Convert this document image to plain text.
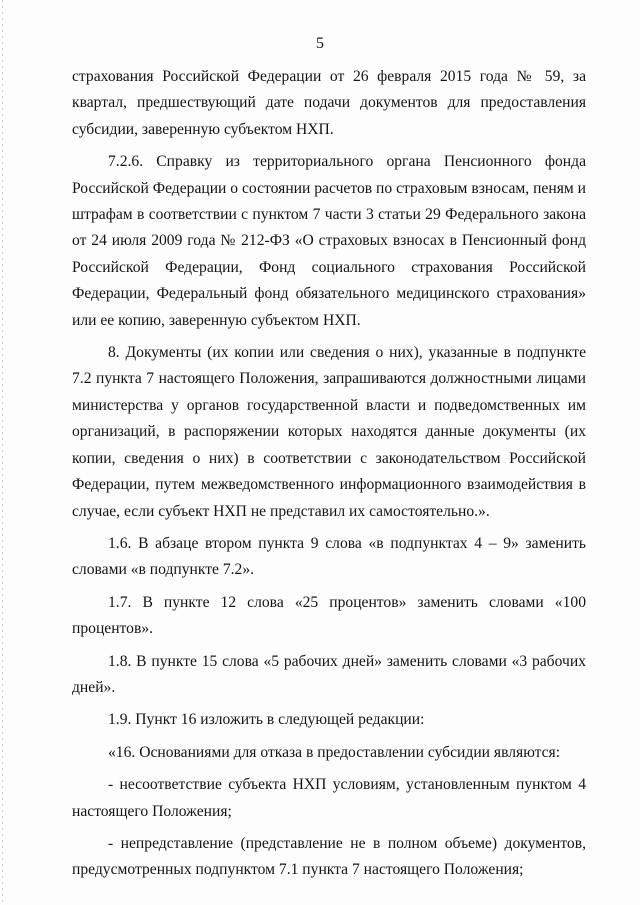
5

страхования Российской Федерации от 26 февраля 2015 года № 59, за квартал, предшествующий дате подачи документов для предоставления субсидии, заверенную субъектом НХП.

7.2.6. Справку из территориального органа Пенсионного фонда Российской Федерации о состоянии расчетов по страховым взносам, пеням и штрафам в соответствии с пунктом 7 части 3 статьи 29 Федерального закона от 24 июля 2009 года № 212-ФЗ «О страховых взносах в Пенсионный фонд Российской Федерации, Фонд социального страхования Российской Федерации, Федеральный фонд обязательного медицинского страхования» или ее копию, заверенную субъектом НХП.

8. Документы (их копии или сведения о них), указанные в подпункте 7.2 пункта 7 настоящего Положения, запрашиваются должностными лицами министерства у органов государственной власти и подведомственных им организаций, в распоряжении которых находятся данные документы (их копии, сведения о них) в соответствии с законодательством Российской Федерации, путем межведомственного информационного взаимодействия в случае, если субъект НХП не представил их самостоятельно.».

1.6. В абзаце втором пункта 9 слова «в подпунктах 4 – 9» заменить словами «в подпункте 7.2».

1.7. В пункте 12 слова «25 процентов» заменить словами «100 процентов».

1.8. В пункте 15 слова «5 рабочих дней» заменить словами «3 рабочих дней».

1.9. Пункт 16 изложить в следующей редакции:

«16. Основаниями для отказа в предоставлении субсидии являются:

- несоответствие субъекта НХП условиям, установленным пунктом 4 настоящего Положения;

- непредставление (представление не в полном объеме) документов, предусмотренных подпунктом 7.1 пункта 7 настоящего Положения;
